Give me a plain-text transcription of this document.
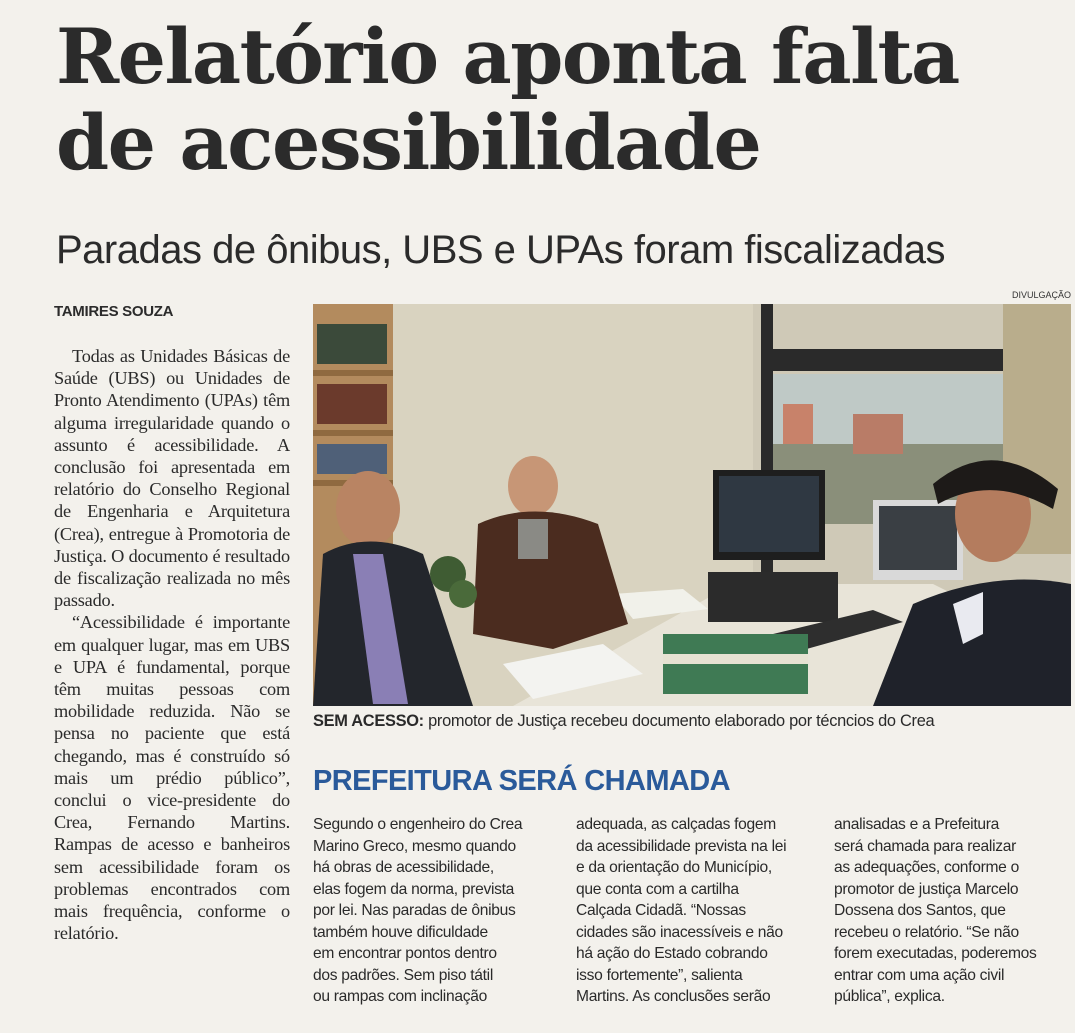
Relatório aponta falta
de acessibilidade
Paradas de ônibus, UBS e UPAs foram fiscalizadas
TAMIRES SOUZA
DIVULGAÇÃO

Todas as Unidades Básicas de Saúde (UBS) ou Unidades de Pronto Atendimento (UPAs) têm alguma irregularidade quando o assunto é acessibilidade. A conclusão foi apresentada em relatório do Conselho Regional de Engenharia e Arquitetura (Crea), entregue à Promotoria de Justiça. O documento é resultado de fiscalização realizada no mês passado.

“Acessibilidade é importante em qualquer lugar, mas em UBS e UPA é fundamental, porque têm muitas pessoas com mobilidade reduzida. Não se pensa no paciente que está chegando, mas é construído só mais um prédio público”, conclui o vice-presidente do Crea, Fernando Martins. Rampas de acesso e banheiros sem acessibilidade foram os problemas encontrados com mais frequência, conforme o relatório.

SEM ACESSO: promotor de Justiça recebeu documento elaborado por técncios do Crea
PREFEITURA SERÁ CHAMADA
Segundo o engenheiro do Crea
Marino Greco, mesmo quando
há obras de acessibilidade,
elas fogem da norma, prevista
por lei. Nas paradas de ônibus
também houve dificuldade
em encontrar pontos dentro
dos padrões. Sem piso tátil
ou rampas com inclinação
adequada, as calçadas fogem
da acessibilidade prevista na lei
e da orientação do Município,
que conta com a cartilha
Calçada Cidadã. “Nossas
cidades são inacessíveis e não
há ação do Estado cobrando
isso fortemente”, salienta
Martins. As conclusões serão
analisadas e a Prefeitura
será chamada para realizar
as adequações, conforme o
promotor de justiça Marcelo
Dossena dos Santos, que
recebeu o relatório. “Se não
forem executadas, poderemos
entrar com uma ação civil
pública”, explica.
